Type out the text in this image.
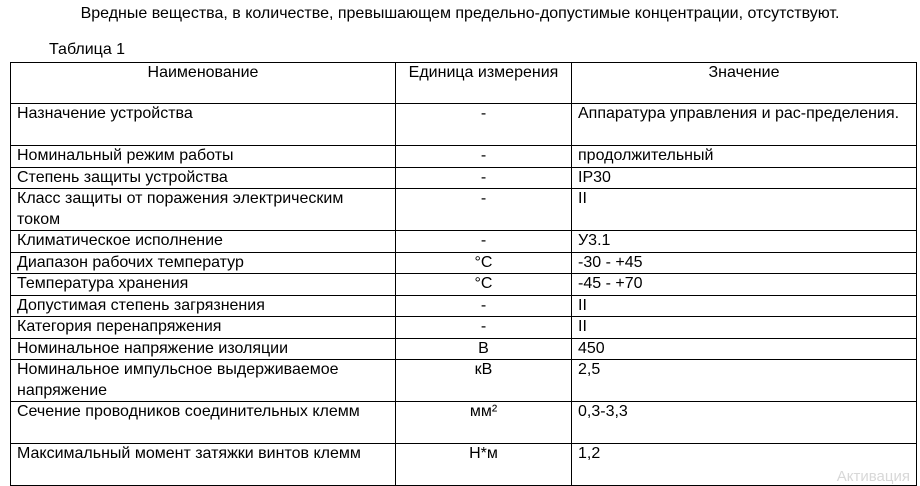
Вредные вещества, в количестве, превышающем предельно-допустимые концентрации, отсутствуют.
Таблица 1
Наименование	Единица измерения	Значение
Назначение устройства	-	Аппаратура управления и рас-пределения.
Номинальный режим работы	-	продолжительный
Степень защиты устройства	-	IP30
Класс защиты от поражения электрическим током	-	II
Климатическое исполнение	-	У3.1
Диапазон рабочих температур	°С	-30 - +45
Температура хранения	°С	-45 - +70
Допустимая степень загрязнения	-	II
Категория перенапряжения	-	II
Номинальное напряжение изоляции	В	450
Номинальное импульсное выдерживаемое напряжение	кВ	2,5
Сечение проводников соединительных клемм	мм²	0,3-3,3
Максимальный момент затяжки винтов клемм	Н*м	1,2
Активация
